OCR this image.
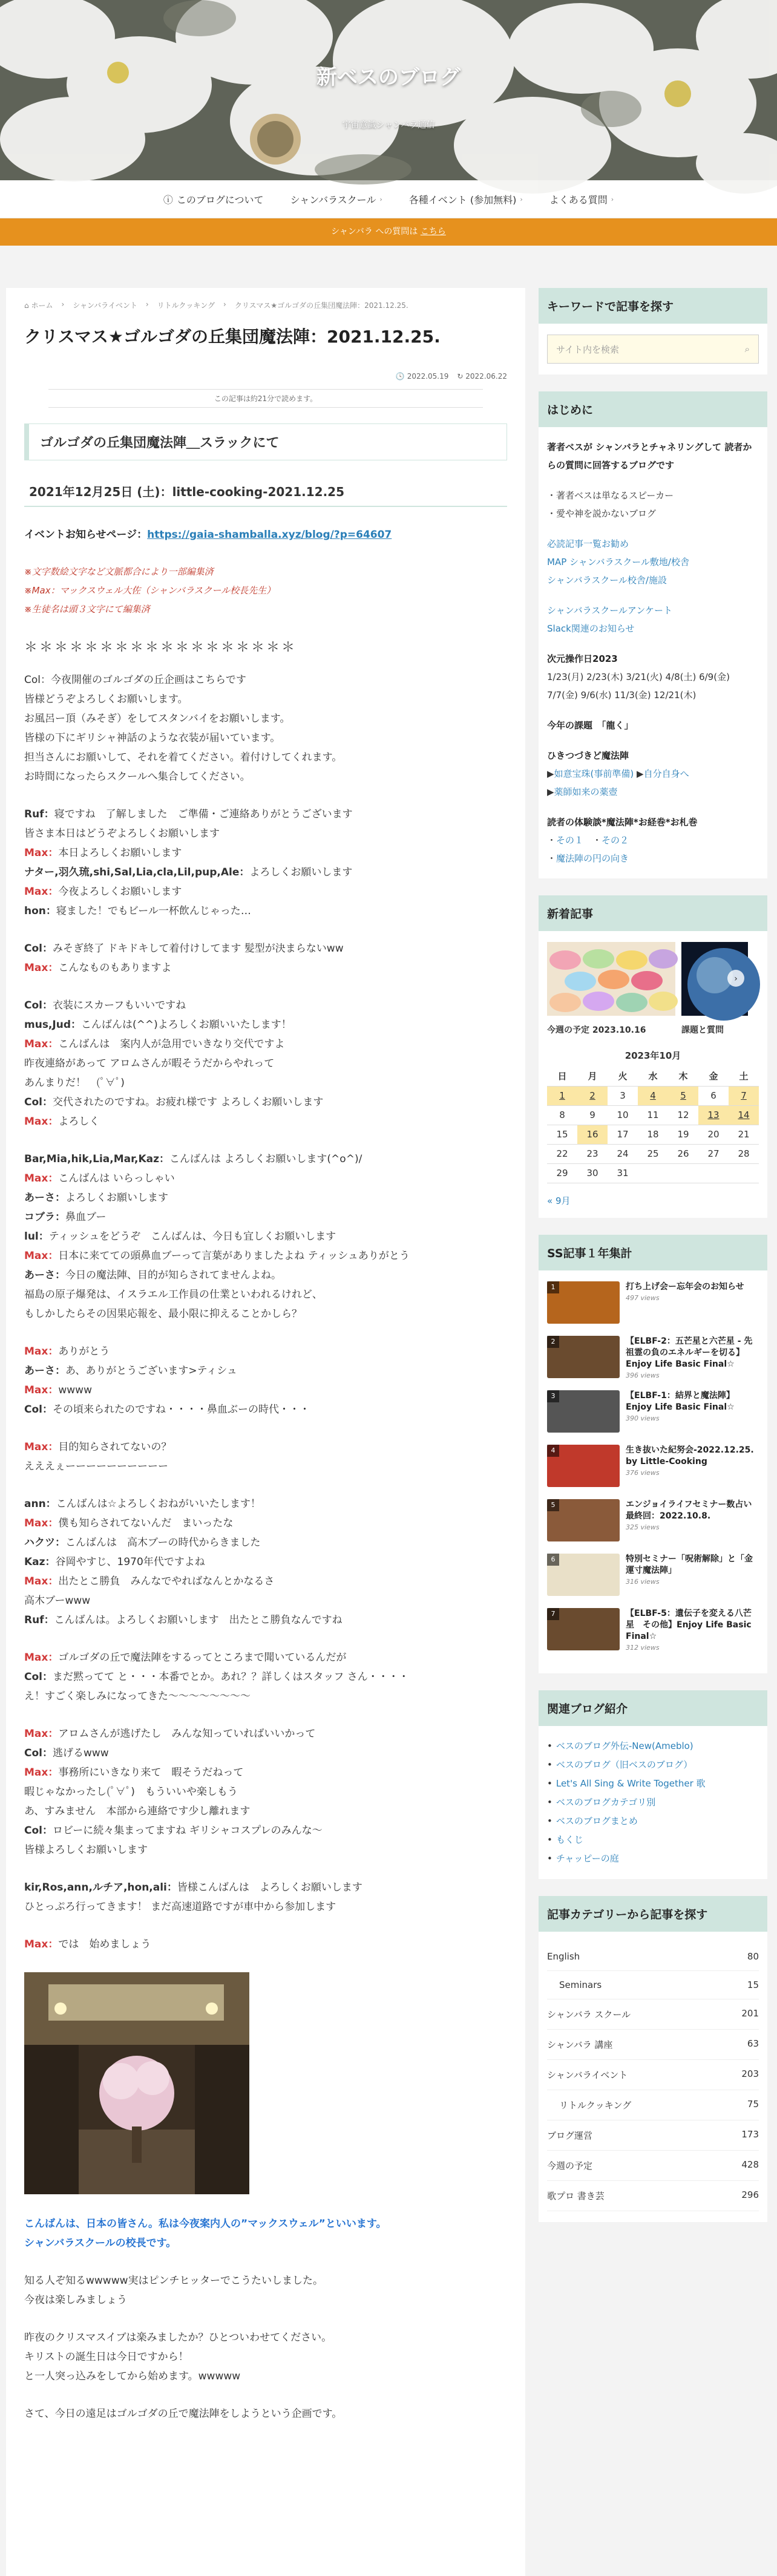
新ベスのブログ
宇宙意識シャンバラ通信
ⓘ このブログについて	シャンバラスクール ›	各種イベント (参加無料) ›	よくある質問 ›
シャンバラ への質問は こちら
⌂ ホーム › シャンバライベント › リトルクッキング › クリスマス★ゴルゴダの丘集団魔法陣：2021.12.25.
クリスマス★ゴルゴダの丘集団魔法陣：2021.12.25.
🕓 2022.05.19 ↻ 2022.06.22
この記事は約21分で読めます。
ゴルゴダの丘集団魔法陣＿スラックにて
2021年12月25日 (土)：little-cooking-2021.12.25
イベントお知らせページ：https://gaia-shamballa.xyz/blog/?p=64607
※文字数絵文字など文脈都合により一部編集済
※Max：マックスウェル大佐（シャンバラスクール校長先生）
※生徒名は頭３文字にて編集済
＊＊＊＊＊＊＊＊＊＊＊＊＊＊＊＊＊＊
Col：今夜開催のゴルゴダの丘企画はこちらです
皆様どうぞよろしくお願いします。
お風呂ー頂（みそぎ）をしてスタンバイをお願いします。
皆様の下にギリシャ神話のような衣装が届いています。
担当さんにお願いして、それを着てください。着付けしてくれます。
お時間になったらスクールへ集合してください。
Ruf：寝ですね　了解しました　ご準備・ご連絡ありがとうございます
皆さま本日はどうぞよろしくお願いします
Max：本日よろしくお願いします
ナター,羽久琉,shi,Sal,Lia,cla,Lil,pup,Ale：よろしくお願いします
Max：今夜よろしくお願いします
hon：寝ました！でもビール一杯飲んじゃった…
Col：みそぎ終了 ドキドキして着付けしてます 髪型が決まらないww
Max：こんなものもありますよ
Col：衣装にスカーフもいいですね
mus,Jud：こんばんは(^^)よろしくお願いいたします！
Max：こんばんは　案内人が急用でいきなり交代ですよ
昨夜連絡があって アロムさんが暇そうだからやれって
あんまりだ！　(ﾟ∀ﾟ)
Col：交代されたのですね。お疲れ様です よろしくお願いします
Max：よろしく
Bar,Mia,hik,Lia,Mar,Kaz：こんばんは よろしくお願いします(^o^)/
Max：こんばんは いらっしゃい
あーさ：よろしくお願いします
コブラ：鼻血ブー
lul：ティッシュをどうぞ　こんばんは、今日も宜しくお願いします
Max：日本に来てての頭鼻血ブーって言葉がありましたよね ティッシュありがとう
あーさ：今日の魔法陣、目的が知らされてませんよね。
福島の原子爆発は、イスラエル工作員の仕業といわれるけれど、
もしかしたらその因果応報を、最小限に抑えることかしら？
Max：ありがとう
あーさ：あ、ありがとうございます>ティシュ
Max：wwww
Col：その頃来られたのですね・・・・鼻血ぶーの時代・・・
Max：目的知らされてないの？
えええぇーーーーーーーーーー
ann：こんばんは☆よろしくおねがいいたします！
Max：僕も知らされてないんだ　まいったな
ハクツ：こんばんは　高木ブーの時代からきました
Kaz：谷岡やすじ、1970年代ですよね
Max：出たとこ勝負　みんなでやればなんとかなるさ
高木ブーwww
Ruf：こんばんは。よろしくお願いします　出たとこ勝負なんですね
Max：ゴルゴダの丘で魔法陣をするってところまで聞いているんだが
Col：まだ黙ってて と・・・本番でとか。あれ？？詳しくはスタッフ さん・・・・
え！すごく楽しみになってきた〜〜〜〜〜〜〜〜
Max：アロムさんが逃げたし　みんな知っていればいいかって
Col：逃げるwww
Max：事務所にいきなり来て　暇そうだねって
暇じゃなかったし(ﾟ∀ﾟ)　もういいや楽しもう
あ、すみません　本部から連絡です少し離れます
Col：ロビーに続々集まってますね ギリシャコスプレのみんな〜
皆様よろしくお願いします
kir,Ros,ann,ルチア,hon,ali：皆様こんばんは　よろしくお願いします
ひとっぷろ行ってきます！ まだ高速道路ですが車中から参加します
Max：では　始めましょう
こんばんは、日本の皆さん。私は今夜案内人の”マックスウェル”といいます。
シャンバラスクールの校長です。
知る人ぞ知るwwwww実はピンチヒッターでこうたいしました。
今夜は楽しみましょう
昨夜のクリスマスイブは楽みましたか？ひとついわせてください。
キリストの誕生日は今日ですから！
と一人突っ込みをしてから始めます。wwwww
さて、今日の遠足はゴルゴダの丘で魔法陣をしようという企画です。
キーワードで記事を探す
サイト内を検索	⌕
はじめに
著者ベスが シャンバラとチャネリングして 読者からの質問に回答するブログです
・著者ベスは単なるスピーカー
・愛や神を説かないブログ
必読記事一覧お勧め
MAP シャンバラスクール敷地/校舎
シャンバラスクール校舎/施設
シャンバラスクールアンケート
Slack関連のお知らせ
次元操作日2023
1/23(月) 2/23(木) 3/21(火) 4/8(土) 6/9(金)
7/7(金) 9/6(水) 11/3(金) 12/21(木)
今年の課題　「龍く」
ひきつづきど魔法陣
▶如意宝珠(事前準備) ▶自分自身へ
▶薬師如来の薬壺
読者の体験談*魔法陣*お経巻*お札巻
・その１　・その２
・魔法陣の円の向き
新着記事
今週の予定 2023.10.16
›
課題と質問
2023年10月
日	月	火	水	木	金	土
1	2	3	4	5	6	7
8	9	10	11	12	13	14
15	16	17	18	19	20	21
22	23	24	25	26	27	28
29	30	31				
« 9月
SS記事１年集計
1	打ち上げ会ー忘年会のお知らせ
497 views
2	【ELBF-2：五芒星と六芒星 - 先祖霊の負のエネルギーを切る】Enjoy Life Basic Final☆
396 views
3	【ELBF-1：結界と魔法陣】Enjoy Life Basic Final☆
390 views
4	生き抜いた紀努会-2022.12.25. by Little-Cooking
376 views
5	エンジョイライフセミナー数占い最終回：2022.10.8.
325 views
6	特別セミナー「呪術解除」と「金運寸魔法陣」
316 views
7	【ELBF-5：遺伝子を変える八芒星　その他】Enjoy Life Basic Final☆
312 views
関連ブログ紹介
• ベスのブログ外伝-New(Ameblo)
• ベスのブログ（旧ベスのブログ）
• Let's All Sing & Write Together 歌
• ベスのブログカテゴリ別
• ベスのブログまとめ
• もくじ
• チャッピーの庭
記事カテゴリーから記事を探す
English	80
Seminars	15
シャンバラ スクール	201
シャンバラ 講座	63
シャンバライベント	203
リトルクッキング	75
ブログ運営	173
今週の予定	428
歌プロ 書き芸	296
